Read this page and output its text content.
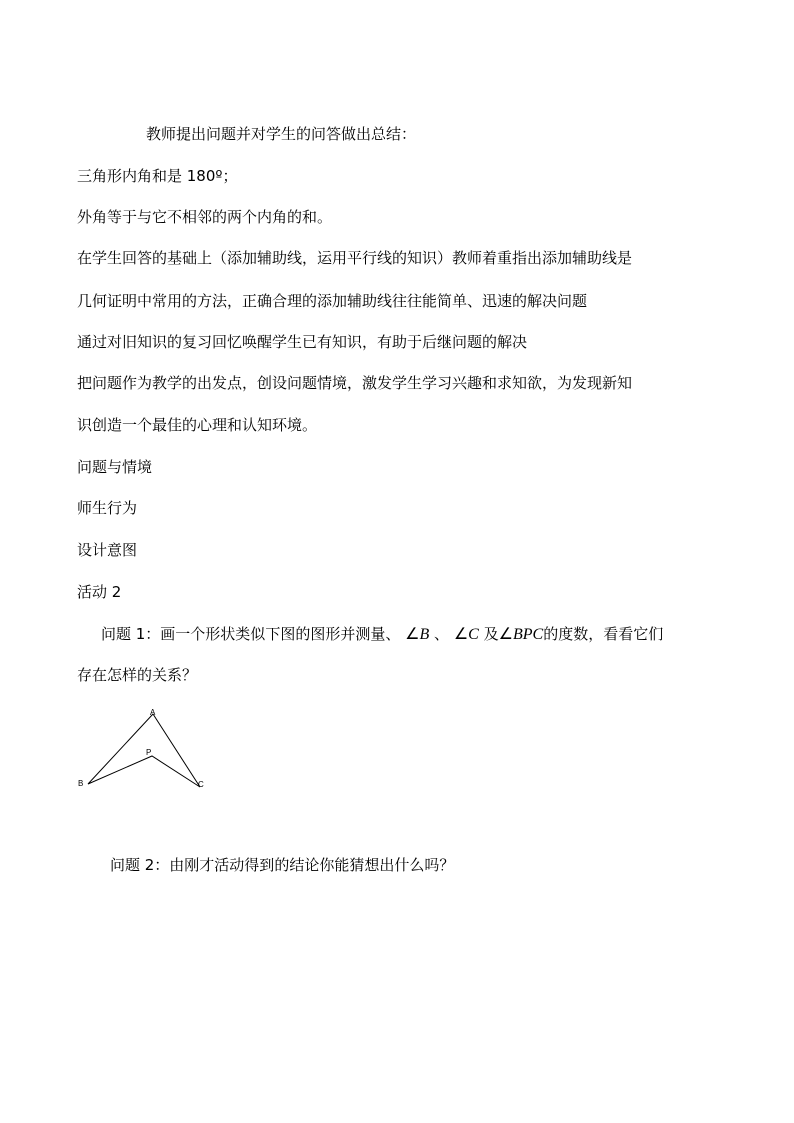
教师提出问题并对学生的问答做出总结：
三角形内角和是 180º；
外角等于与它不相邻的两个内角的和。
在学生回答的基础上（添加辅助线，运用平行线的知识）教师着重指出添加辅助线是
几何证明中常用的方法，正确合理的添加辅助线往往能简单、迅速的解决问题
通过对旧知识的复习回忆唤醒学生已有知识，有助于后继问题的解决
把问题作为教学的出发点，创设问题情境，激发学生学习兴趣和求知欲，为发现新知
识创造一个最佳的心理和认知环境。
问题与情境
师生行为
设计意图
活动 2
问题 1：画一个形状类似下图的图形并测量、 ∠B 、 ∠C 及∠BPC的度数，看看它们
存在怎样的关系？
A
P
B	C
问题 2：由刚才活动得到的结论你能猜想出什么吗？
